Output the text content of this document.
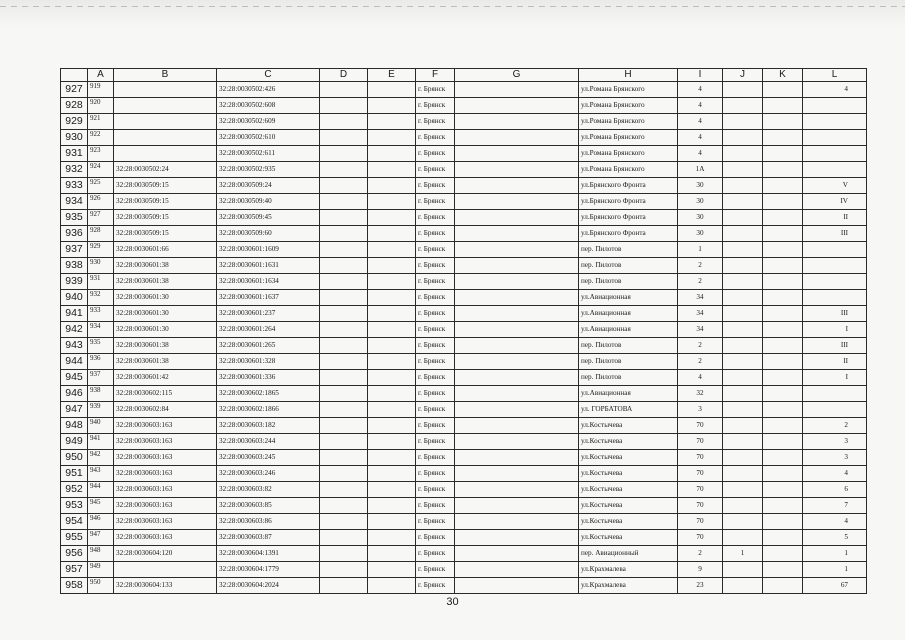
	A	B	C	D	E	F	G	H	I	J	K	L
927	919		32:28:0030502:426			г. Брянск		ул.Романа Брянского	4			4
928	920		32:28:0030502:608			г. Брянск		ул.Романа Брянского	4			
929	921		32:28:0030502:609			г. Брянск		ул.Романа Брянского	4			
930	922		32:28:0030502:610			г. Брянск		ул.Романа Брянского	4			
931	923		32:28:0030502:611			г. Брянск		ул.Романа Брянского	4			
932	924	32:28:0030502:24	32:28:0030502:935			г. Брянск		ул.Романа Брянского	1А			
933	925	32:28:0030509:15	32:28:0030509:24			г. Брянск		ул.Брянского Фронта	30			V
934	926	32:28:0030509:15	32:28:0030509:40			г. Брянск		ул.Брянского Фронта	30			IV
935	927	32:28:0030509:15	32:28:0030509:45			г. Брянск		ул.Брянского Фронта	30			II
936	928	32:28:0030509:15	32:28:0030509:60			г. Брянск		ул.Брянского Фронта	30			III
937	929	32:28:0030601:66	32:28:0030601:1609			г. Брянск		пер. Пилотов	1			
938	930	32:28:0030601:38	32:28:0030601:1631			г. Брянск		пер. Пилотов	2			
939	931	32:28:0030601:38	32:28:0030601:1634			г. Брянск		пер. Пилотов	2			
940	932	32:28:0030601:30	32:28:0030601:1637			г. Брянск		ул.Авиационная	34			
941	933	32:28:0030601:30	32:28:0030601:237			г. Брянск		ул.Авиационная	34			III
942	934	32:28:0030601:30	32:28:0030601:264			г. Брянск		ул.Авиационная	34			I
943	935	32:28:0030601:38	32:28:0030601:265			г. Брянск		пер. Пилотов	2			III
944	936	32:28:0030601:38	32:28:0030601:328			г. Брянск		пер. Пилотов	2			II
945	937	32:28:0030601:42	32:28:0030601:336			г. Брянск		пер. Пилотов	4			I
946	938	32:28:0030602:115	32:28:0030602:1865			г. Брянск		ул.Авиационная	32			
947	939	32:28:0030602:84	32:28:0030602:1866			г. Брянск		ул. ГОРБАТОВА	3			
948	940	32:28:0030603:163	32:28:0030603:182			г. Брянск		ул.Костычева	70			2
949	941	32:28:0030603:163	32:28:0030603:244			г. Брянск		ул.Костычева	70			3
950	942	32:28:0030603:163	32:28:0030603:245			г. Брянск		ул.Костычева	70			3
951	943	32:28:0030603:163	32:28:0030603:246			г. Брянск		ул.Костычева	70			4
952	944	32:28:0030603:163	32:28:0030603:82			г. Брянск		ул.Костычева	70			6
953	945	32:28:0030603:163	32:28:0030603:85			г. Брянск		ул.Костычева	70			7
954	946	32:28:0030603:163	32:28:0030603:86			г. Брянск		ул.Костычева	70			4
955	947	32:28:0030603:163	32:28:0030603:87			г. Брянск		ул.Костычева	70			5
956	948	32:28:0030604:120	32:28:0030604:1391			г. Брянск		пер. Авиационный	2	1		1
957	949		32:28:0030604:1779			г. Брянск		ул.Крахмалева	9			1
958	950	32:28:0030604:133	32:28:0030604:2024			г. Брянск		ул.Крахмалева	23			67
30
